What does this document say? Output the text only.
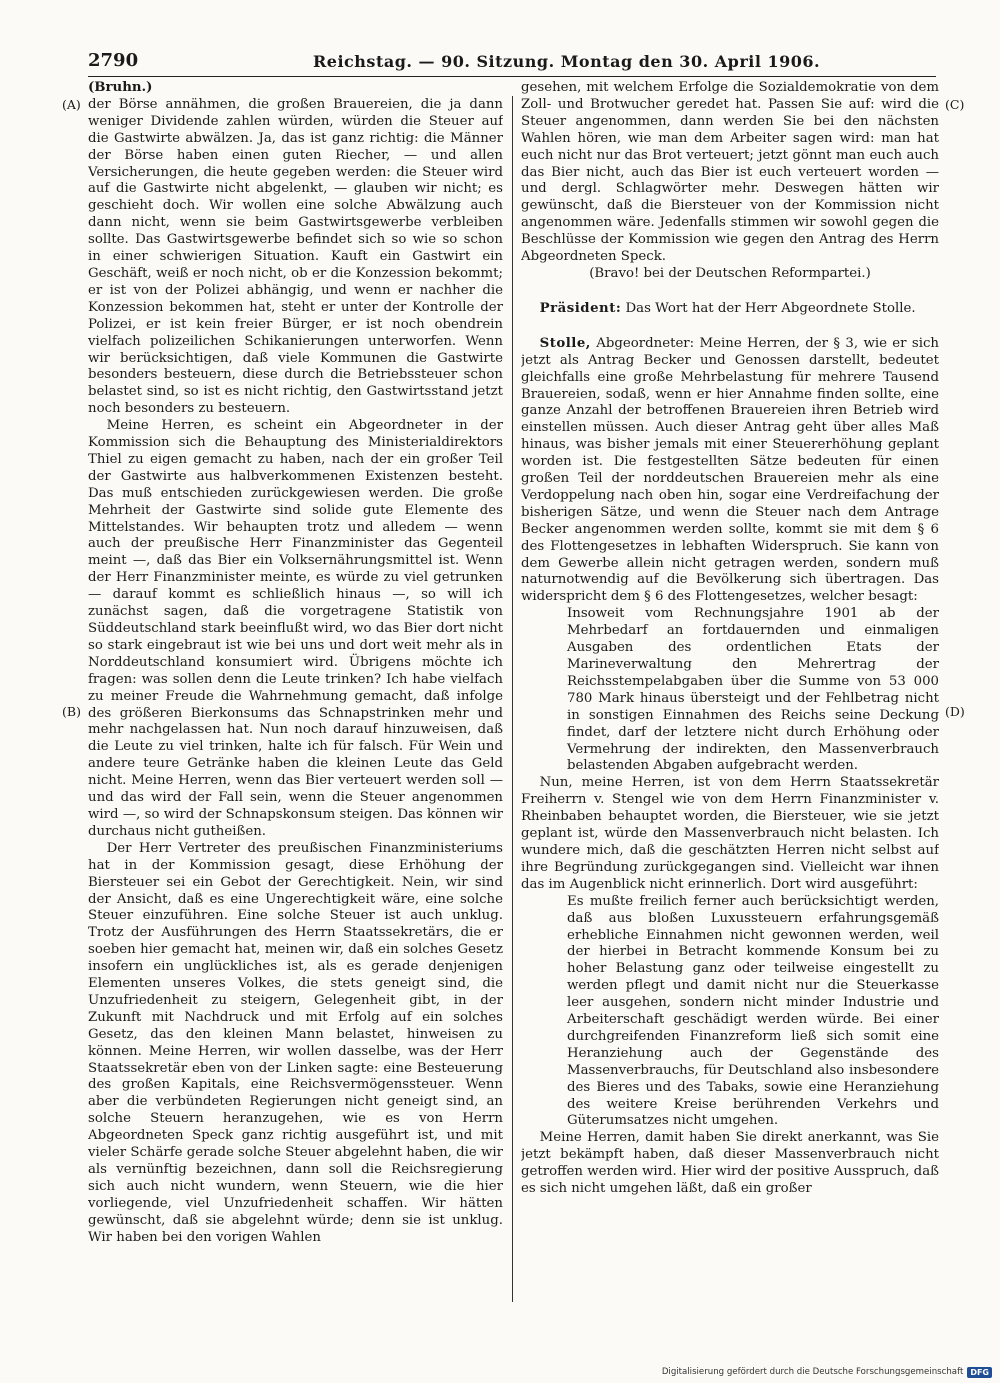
2790	Reichstag. — 90. Sitzung. Montag den 30. April 1906.
(A)
(B)
(C)
(D)
(Bruhn.)

der Börse annähmen, die großen Brauereien, die ja dann weniger Dividende zahlen würden, würden die Steuer auf die Gastwirte abwälzen. Ja, das ist ganz richtig: die Männer der Börse haben einen guten Riecher, — und allen Versicherungen, die heute gegeben werden: die Steuer wird auf die Gastwirte nicht abgelenkt, — glauben wir nicht; es geschieht doch. Wir wollen eine solche Abwälzung auch dann nicht, wenn sie beim Gastwirtsgewerbe verbleiben sollte. Das Gastwirtsgewerbe befindet sich so wie so schon in einer schwierigen Situation. Kauft ein Gastwirt ein Geschäft, weiß er noch nicht, ob er die Konzession bekommt; er ist von der Polizei abhängig, und wenn er nachher die Konzession bekommen hat, steht er unter der Kontrolle der Polizei, er ist kein freier Bürger, er ist noch obendrein vielfach polizeilichen Schikanierungen unterworfen. Wenn wir berücksichtigen, daß viele Kommunen die Gastwirte besonders besteuern, diese durch die Betriebssteuer schon belastet sind, so ist es nicht richtig, den Gastwirtsstand jetzt noch besonders zu besteuern.

Meine Herren, es scheint ein Abgeordneter in der Kommission sich die Behauptung des Ministerialdirektors Thiel zu eigen gemacht zu haben, nach der ein großer Teil der Gastwirte aus halbverkommenen Existenzen besteht. Das muß entschieden zurückgewiesen werden. Die große Mehrheit der Gastwirte sind solide gute Elemente des Mittelstandes. Wir behaupten trotz und alledem — wenn auch der preußische Herr Finanzminister das Gegenteil meint —, daß das Bier ein Volksernährungsmittel ist. Wenn der Herr Finanzminister meinte, es würde zu viel getrunken — darauf kommt es schließlich hinaus —, so will ich zunächst sagen, daß die vorgetragene Statistik von Süddeutschland stark beeinflußt wird, wo das Bier dort nicht so stark eingebraut ist wie bei uns und dort weit mehr als in Norddeutschland konsumiert wird. Übrigens möchte ich fragen: was sollen denn die Leute trinken? Ich habe vielfach zu meiner Freude die Wahrnehmung gemacht, daß infolge des größeren Bierkonsums das Schnapstrinken mehr und mehr nachgelassen hat. Nun noch darauf hinzuweisen, daß die Leute zu viel trinken, halte ich für falsch. Für Wein und andere teure Getränke haben die kleinen Leute das Geld nicht. Meine Herren, wenn das Bier verteuert werden soll — und das wird der Fall sein, wenn die Steuer angenommen wird —, so wird der Schnapskonsum steigen. Das können wir durchaus nicht gutheißen.

Der Herr Vertreter des preußischen Finanzministeriums hat in der Kommission gesagt, diese Erhöhung der Biersteuer sei ein Gebot der Gerechtigkeit. Nein, wir sind der Ansicht, daß es eine Ungerechtigkeit wäre, eine solche Steuer einzuführen. Eine solche Steuer ist auch unklug. Trotz der Ausführungen des Herrn Staatssekretärs, die er soeben hier gemacht hat, meinen wir, daß ein solches Gesetz insofern ein unglückliches ist, als es gerade denjenigen Elementen unseres Volkes, die stets geneigt sind, die Unzufriedenheit zu steigern, Gelegenheit gibt, in der Zukunft mit Nachdruck und mit Erfolg auf ein solches Gesetz, das den kleinen Mann belastet, hinweisen zu können. Meine Herren, wir wollen dasselbe, was der Herr Staatssekretär eben von der Linken sagte: eine Besteuerung des großen Kapitals, eine Reichsvermögenssteuer. Wenn aber die verbündeten Regierungen nicht geneigt sind, an solche Steuern heranzugehen, wie es von Herrn Abgeordneten Speck ganz richtig ausgeführt ist, und mit vieler Schärfe gerade solche Steuer abgelehnt haben, die wir als vernünftig bezeichnen, dann soll die Reichsregierung sich auch nicht wundern, wenn Steuern, wie die hier vorliegende, viel Unzufriedenheit schaffen. Wir hätten gewünscht, daß sie abgelehnt würde; denn sie ist unklug. Wir haben bei den vorigen Wahlen

gesehen, mit welchem Erfolge die Sozialdemokratie von dem Zoll- und Brotwucher geredet hat. Passen Sie auf: wird die Steuer angenommen, dann werden Sie bei den nächsten Wahlen hören, wie man dem Arbeiter sagen wird: man hat euch nicht nur das Brot verteuert; jetzt gönnt man euch auch das Bier nicht, auch das Bier ist euch verteuert worden — und dergl. Schlagwörter mehr. Deswegen hätten wir gewünscht, daß die Biersteuer von der Kommission nicht angenommen wäre. Jedenfalls stimmen wir sowohl gegen die Beschlüsse der Kommission wie gegen den Antrag des Herrn Abgeordneten Speck.

(Bravo! bei der Deutschen Reformpartei.)

Präsident: Das Wort hat der Herr Abgeordnete Stolle.

Stolle, Abgeordneter: Meine Herren, der § 3, wie er sich jetzt als Antrag Becker und Genossen darstellt, bedeutet gleichfalls eine große Mehrbelastung für mehrere Tausend Brauereien, sodaß, wenn er hier Annahme finden sollte, eine ganze Anzahl der betroffenen Brauereien ihren Betrieb wird einstellen müssen. Auch dieser Antrag geht über alles Maß hinaus, was bisher jemals mit einer Steuererhöhung geplant worden ist. Die festgestellten Sätze bedeuten für einen großen Teil der norddeutschen Brauereien mehr als eine Verdoppelung nach oben hin, sogar eine Verdreifachung der bisherigen Sätze, und wenn die Steuer nach dem Antrage Becker angenommen werden sollte, kommt sie mit dem § 6 des Flottengesetzes in lebhaften Widerspruch. Sie kann von dem Gewerbe allein nicht getragen werden, sondern muß naturnotwendig auf die Bevölkerung sich übertragen. Das widerspricht dem § 6 des Flottengesetzes, welcher besagt:

Insoweit vom Rechnungsjahre 1901 ab der Mehrbedarf an fortdauernden und einmaligen Ausgaben des ordentlichen Etats der Marineverwaltung den Mehrertrag der Reichsstempelabgaben über die Summe von 53 000 780 Mark hinaus übersteigt und der Fehlbetrag nicht in sonstigen Einnahmen des Reichs seine Deckung findet, darf der letztere nicht durch Erhöhung oder Vermehrung der indirekten, den Massenverbrauch belastenden Abgaben aufgebracht werden.

Nun, meine Herren, ist von dem Herrn Staatssekretär Freiherrn v. Stengel wie von dem Herrn Finanzminister v. Rheinbaben behauptet worden, die Biersteuer, wie sie jetzt geplant ist, würde den Massenverbrauch nicht belasten. Ich wundere mich, daß die geschätzten Herren nicht selbst auf ihre Begründung zurückgegangen sind. Vielleicht war ihnen das im Augenblick nicht erinnerlich. Dort wird ausgeführt:

Es mußte freilich ferner auch berücksichtigt werden, daß aus bloßen Luxussteuern erfahrungsgemäß erhebliche Einnahmen nicht gewonnen werden, weil der hierbei in Betracht kommende Konsum bei zu hoher Belastung ganz oder teilweise eingestellt zu werden pflegt und damit nicht nur die Steuerkasse leer ausgehen, sondern nicht minder Industrie und Arbeiterschaft geschädigt werden würde. Bei einer durchgreifenden Finanzreform ließ sich somit eine Heranziehung auch der Gegenstände des Massenverbrauchs, für Deutschland also insbesondere des Bieres und des Tabaks, sowie eine Heranziehung des weitere Kreise berührenden Verkehrs und Güterumsatzes nicht umgehen.

Meine Herren, damit haben Sie direkt anerkannt, was Sie jetzt bekämpft haben, daß dieser Massenverbrauch nicht getroffen werden wird. Hier wird der positive Ausspruch, daß es sich nicht umgehen läßt, daß ein großer

Digitalisierung gefördert durch die Deutsche Forschungsgemeinschaft DFG
